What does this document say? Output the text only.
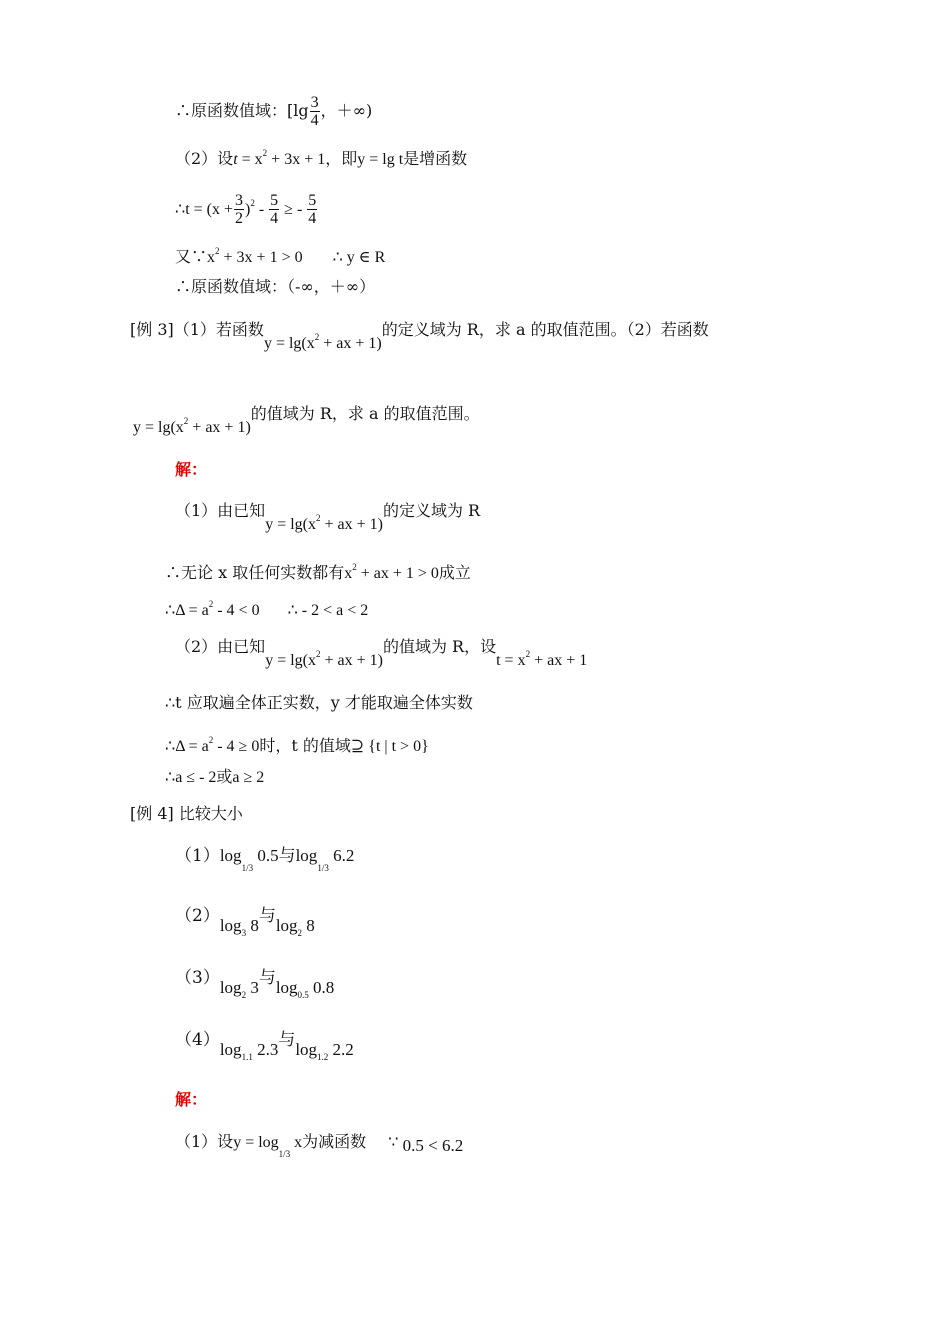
∴原函数值域：[$\lg \frac{3}{4}$ ，＋∞)
（2）设$t = x^2 + 3x + 1$，即y = lg t是增函数
∴t = $(x + \frac{3}{2} )^2 - \frac{5}{4}$ ≥ - $\frac{5}{4}$
又$\because x^2 + 3x + 1 > 0$ ∴ y ∈ R
∴原函数值域：（-∞，＋∞）
[例 3]（1）若函数$y = \lg(x^2$ + ax + 1)的定义域为 R，求 a 的取值范围。（2）若函数
$y = \lg(x^2$ + ax + 1)的值域为 R，求 a 的取值范围。
解：
（1）由已知$y = \lg(x^2$ + ax + 1)的定义域为 R
∴无论 x 取任何实数都有$x^2$ + ax + 1 > 0成立
∴Δ = $a^2 - 4 < 0$ ∴ - 2 < a < 2
（2）由已知$y = \lg(x^2$ + ax + 1)的值域为 R，设$t = x^2$ + ax + 1
∴t 应取遍全体正实数，y 才能取遍全体实数
∴Δ = $a^2 - 4 \ge 0$时，t 的值域⊇ {t | t > 0}
∴a ≤ - 2或a ≥ 2
[例 4] 比较大小
$(1)\log_{1/3}$ 0.5与$\log_{1/3} 6.2$
$(2)\log_3$ 8与$\log_2 8$
$(3)\log_2$ 3与$\log_{0.5} 0.8$
$(4)\log_{1.1}$ 2.3与$\log_{1.2} 2.2$
解：
（1）设$y = \log_{1/3} x$为减函数 ∵ 0.5 < 6.2
